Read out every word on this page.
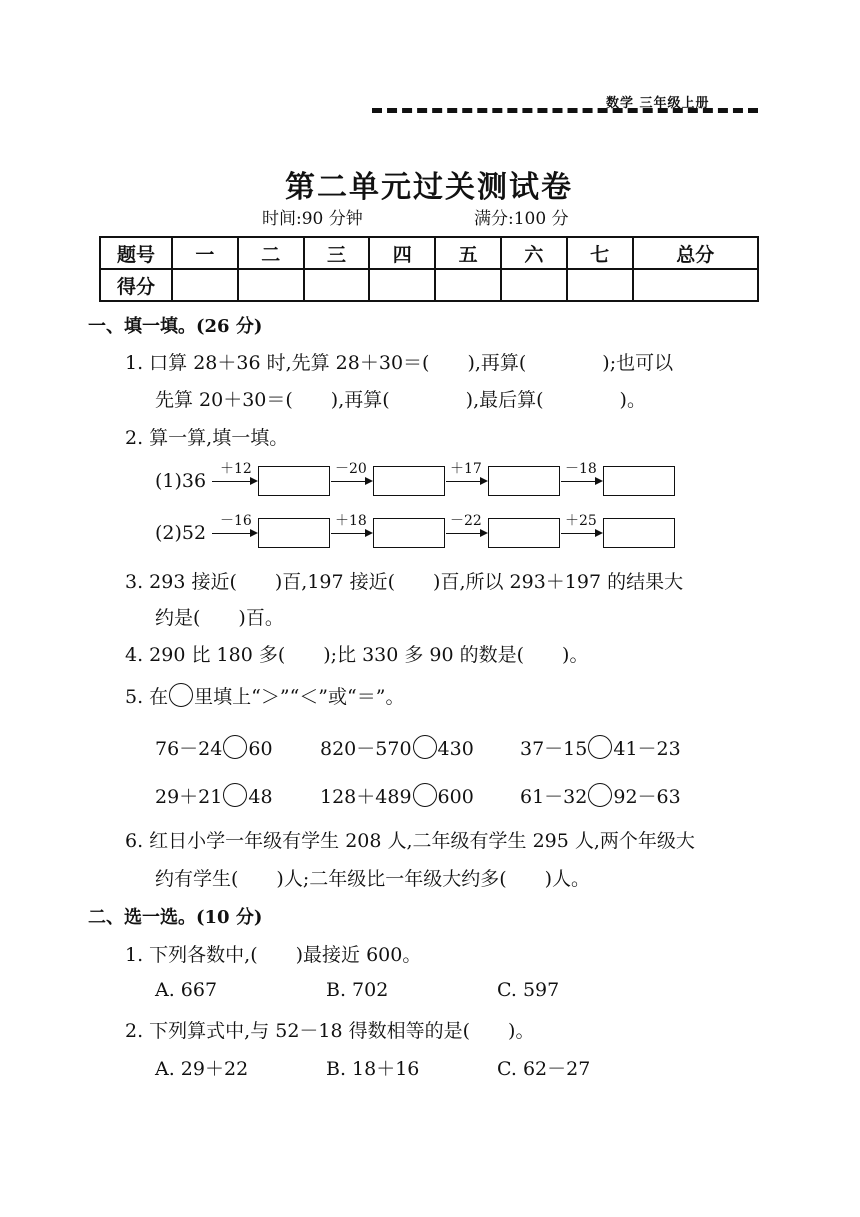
数学 三年级上册
第二单元过关测试卷
时间:90 分钟	满分:100 分
题号	一	二	三	四	五	六	七	总分
得分								
一、填一填。(26 分)
1. 口算 28＋36 时,先算 28＋30＝(　　),再算(　　　　);也可以
先算 20＋30＝(　　),再算(　　　　),最后算(　　　　)。
2. 算一算,填一填。
(1)36
＋12	－20	＋17	－18
(2)52
－16	＋18	－22	＋25
3. 293 接近(　　)百,197 接近(　　)百,所以 293＋197 的结果大
约是(　　)百。
4. 290 比 180 多(　　);比 330 多 90 的数是(　　)。
5. 在 里填上“＞”“＜”或“＝”。
76－24 60 820－570 430 37－15 41－23
29＋21 48 128＋489 600 61－32 92－63
6. 红日小学一年级有学生 208 人,二年级有学生 295 人,两个年级大
约有学生(　　)人;二年级比一年级大约多(　　)人。
二、选一选。(10 分)
1. 下列各数中,(　　)最接近 600。
A. 667	B. 702	C. 597
2. 下列算式中,与 52－18 得数相等的是(　　)。
A. 29＋22	B. 18＋16	C. 62－27
